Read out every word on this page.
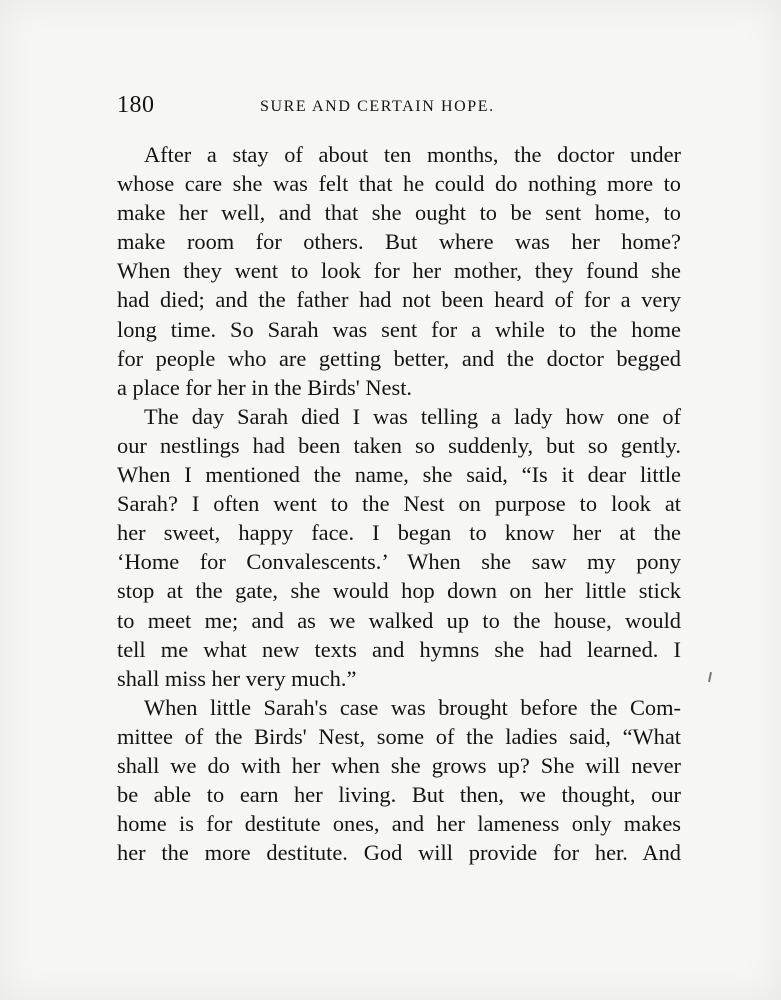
180	SURE AND CERTAIN HOPE.

After a stay of about ten months, the doctor under
whose care she was felt that he could do nothing more to
make her well, and that she ought to be sent home, to
make room for others. But where was her home?
When they went to look for her mother, they found she
had died; and the father had not been heard of for a very
long time. So Sarah was sent for a while to the home
for people who are getting better, and the doctor begged
a place for her in the Birds' Nest.

The day Sarah died I was telling a lady how one of
our nestlings had been taken so suddenly, but so gently.
When I mentioned the name, she said, “Is it dear little
Sarah? I often went to the Nest on purpose to look at
her sweet, happy face. I began to know her at the
‘Home for Convalescents.’ When she saw my pony
stop at the gate, she would hop down on her little stick
to meet me; and as we walked up to the house, would
tell me what new texts and hymns she had learned. I
shall miss her very much.”

When little Sarah's case was brought before the Com-
mittee of the Birds' Nest, some of the ladies said, “What
shall we do with her when she grows up? She will never
be able to earn her living. But then, we thought, our
home is for destitute ones, and her lameness only makes
her the more destitute. God will provide for her. And
